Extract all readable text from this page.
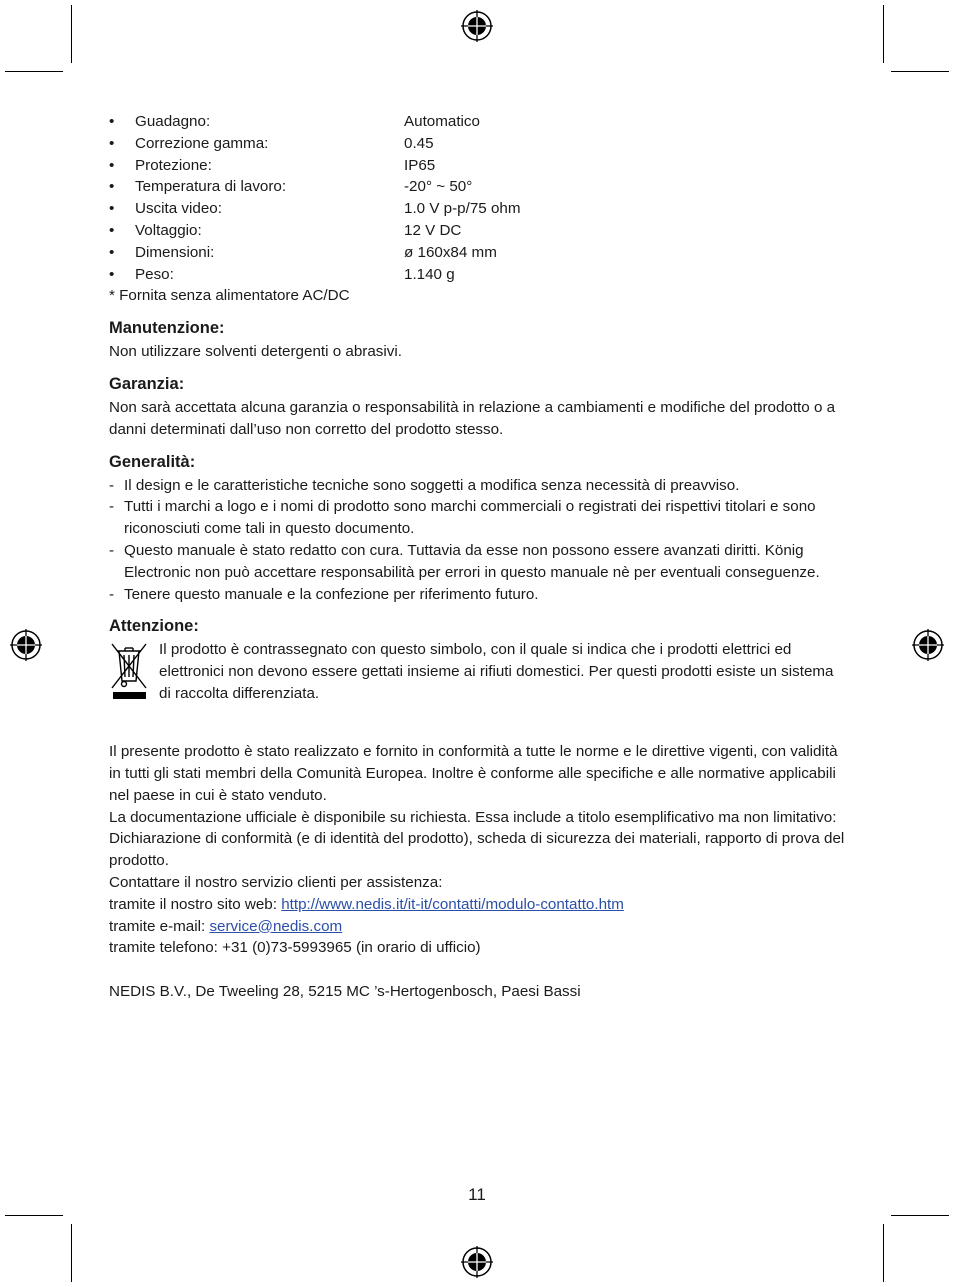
•	Guadagno:	Automatico
•	Correzione gamma:	0.45
•	Protezione:	IP65
•	Temperatura di lavoro:	-20° ~ 50°
•	Uscita video:	1.0 V p-p/75 ohm
•	Voltaggio:	12 V DC
•	Dimensioni:	ø 160x84 mm
•	Peso:	1.140 g

* Fornita senza alimentatore AC/DC

Manutenzione:

Non utilizzare solventi detergenti o abrasivi.

Garanzia:

Non sarà accettata alcuna garanzia o responsabilità in relazione a cambiamenti e modifiche del prodotto o a danni determinati dall’uso non corretto del prodotto stesso.

Generalità:
- Il design e le caratteristiche tecniche sono soggetti a modifica senza necessità di preavviso.
- Tutti i marchi a logo e i nomi di prodotto sono marchi commerciali o registrati dei rispettivi titolari e sono riconosciuti come tali in questo documento.
- Questo manuale è stato redatto con cura. Tuttavia da esse non possono essere avanzati diritti. König Electronic non può accettare responsabilità per errori in questo manuale nè per eventuali conseguenze.
- Tenere questo manuale e la confezione per riferimento futuro.
Attenzione:

Il prodotto è contrassegnato con questo simbolo, con il quale si indica che i prodotti elettrici ed elettronici non devono essere gettati insieme ai rifiuti domestici. Per questi prodotti esiste un sistema di raccolta differenziata.

Il presente prodotto è stato realizzato e fornito in conformità a tutte le norme e le direttive vigenti, con validità in tutti gli stati membri della Comunità Europea. Inoltre è conforme alle specifiche e alle normative applicabili nel paese in cui è stato venduto.

La documentazione ufficiale è disponibile su richiesta. Essa include a titolo esemplificativo ma non limitativo: Dichiarazione di conformità (e di identità del prodotto), scheda di sicurezza dei materiali, rapporto di prova del prodotto.

Contattare il nostro servizio clienti per assistenza:

tramite il nostro sito web: http://www.nedis.it/it-it/contatti/modulo-contatto.htm

tramite e-mail: service@nedis.com

tramite telefono: +31 (0)73-5993965 (in orario di ufficio)

NEDIS B.V., De Tweeling 28, 5215 MC ’s-Hertogenbosch, Paesi Bassi

11
